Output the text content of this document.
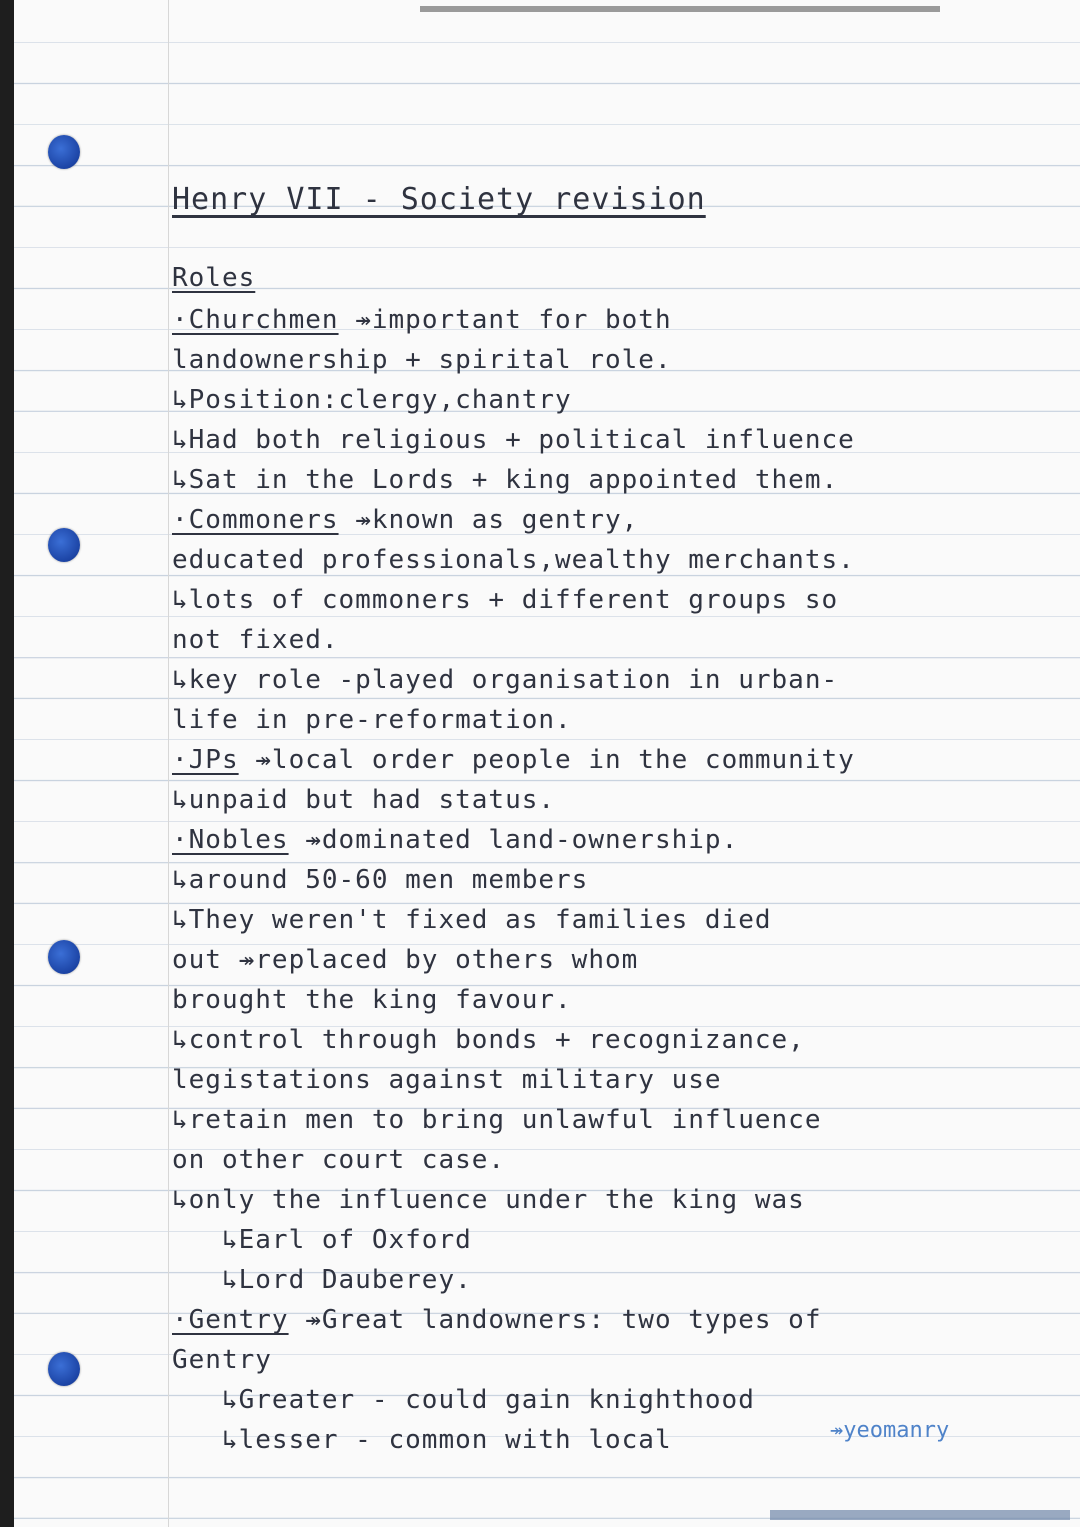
Henry VII - Society revision
Roles
·Churchmen ↠important for both
landownership + spirital role.
↳Position:clergy,chantry
↳Had both religious + political influence
↳Sat in the Lords + king appointed them.
·Commoners ↠known as gentry,
educated professionals,wealthy merchants.
↳lots of commoners + different groups so
not fixed.
↳key role -played organisation in urban-
life in pre-reformation.
·JPs ↠local order people in the community
↳unpaid but had status.
·Nobles ↠dominated land-ownership.
↳around 50-60 men members
↳They weren't fixed as families died
out ↠replaced by others whom
brought the king favour.
↳control through bonds + recognizance,
legistations against military use
↳retain men to bring unlawful influence
on other court case.
↳only the influence under the king was
↳Earl of Oxford
↳Lord Dauberey.
·Gentry ↠Great landowners: two types of
Gentry
↳Greater - could gain knighthood
↳lesser - common with local	↠yeomanry
